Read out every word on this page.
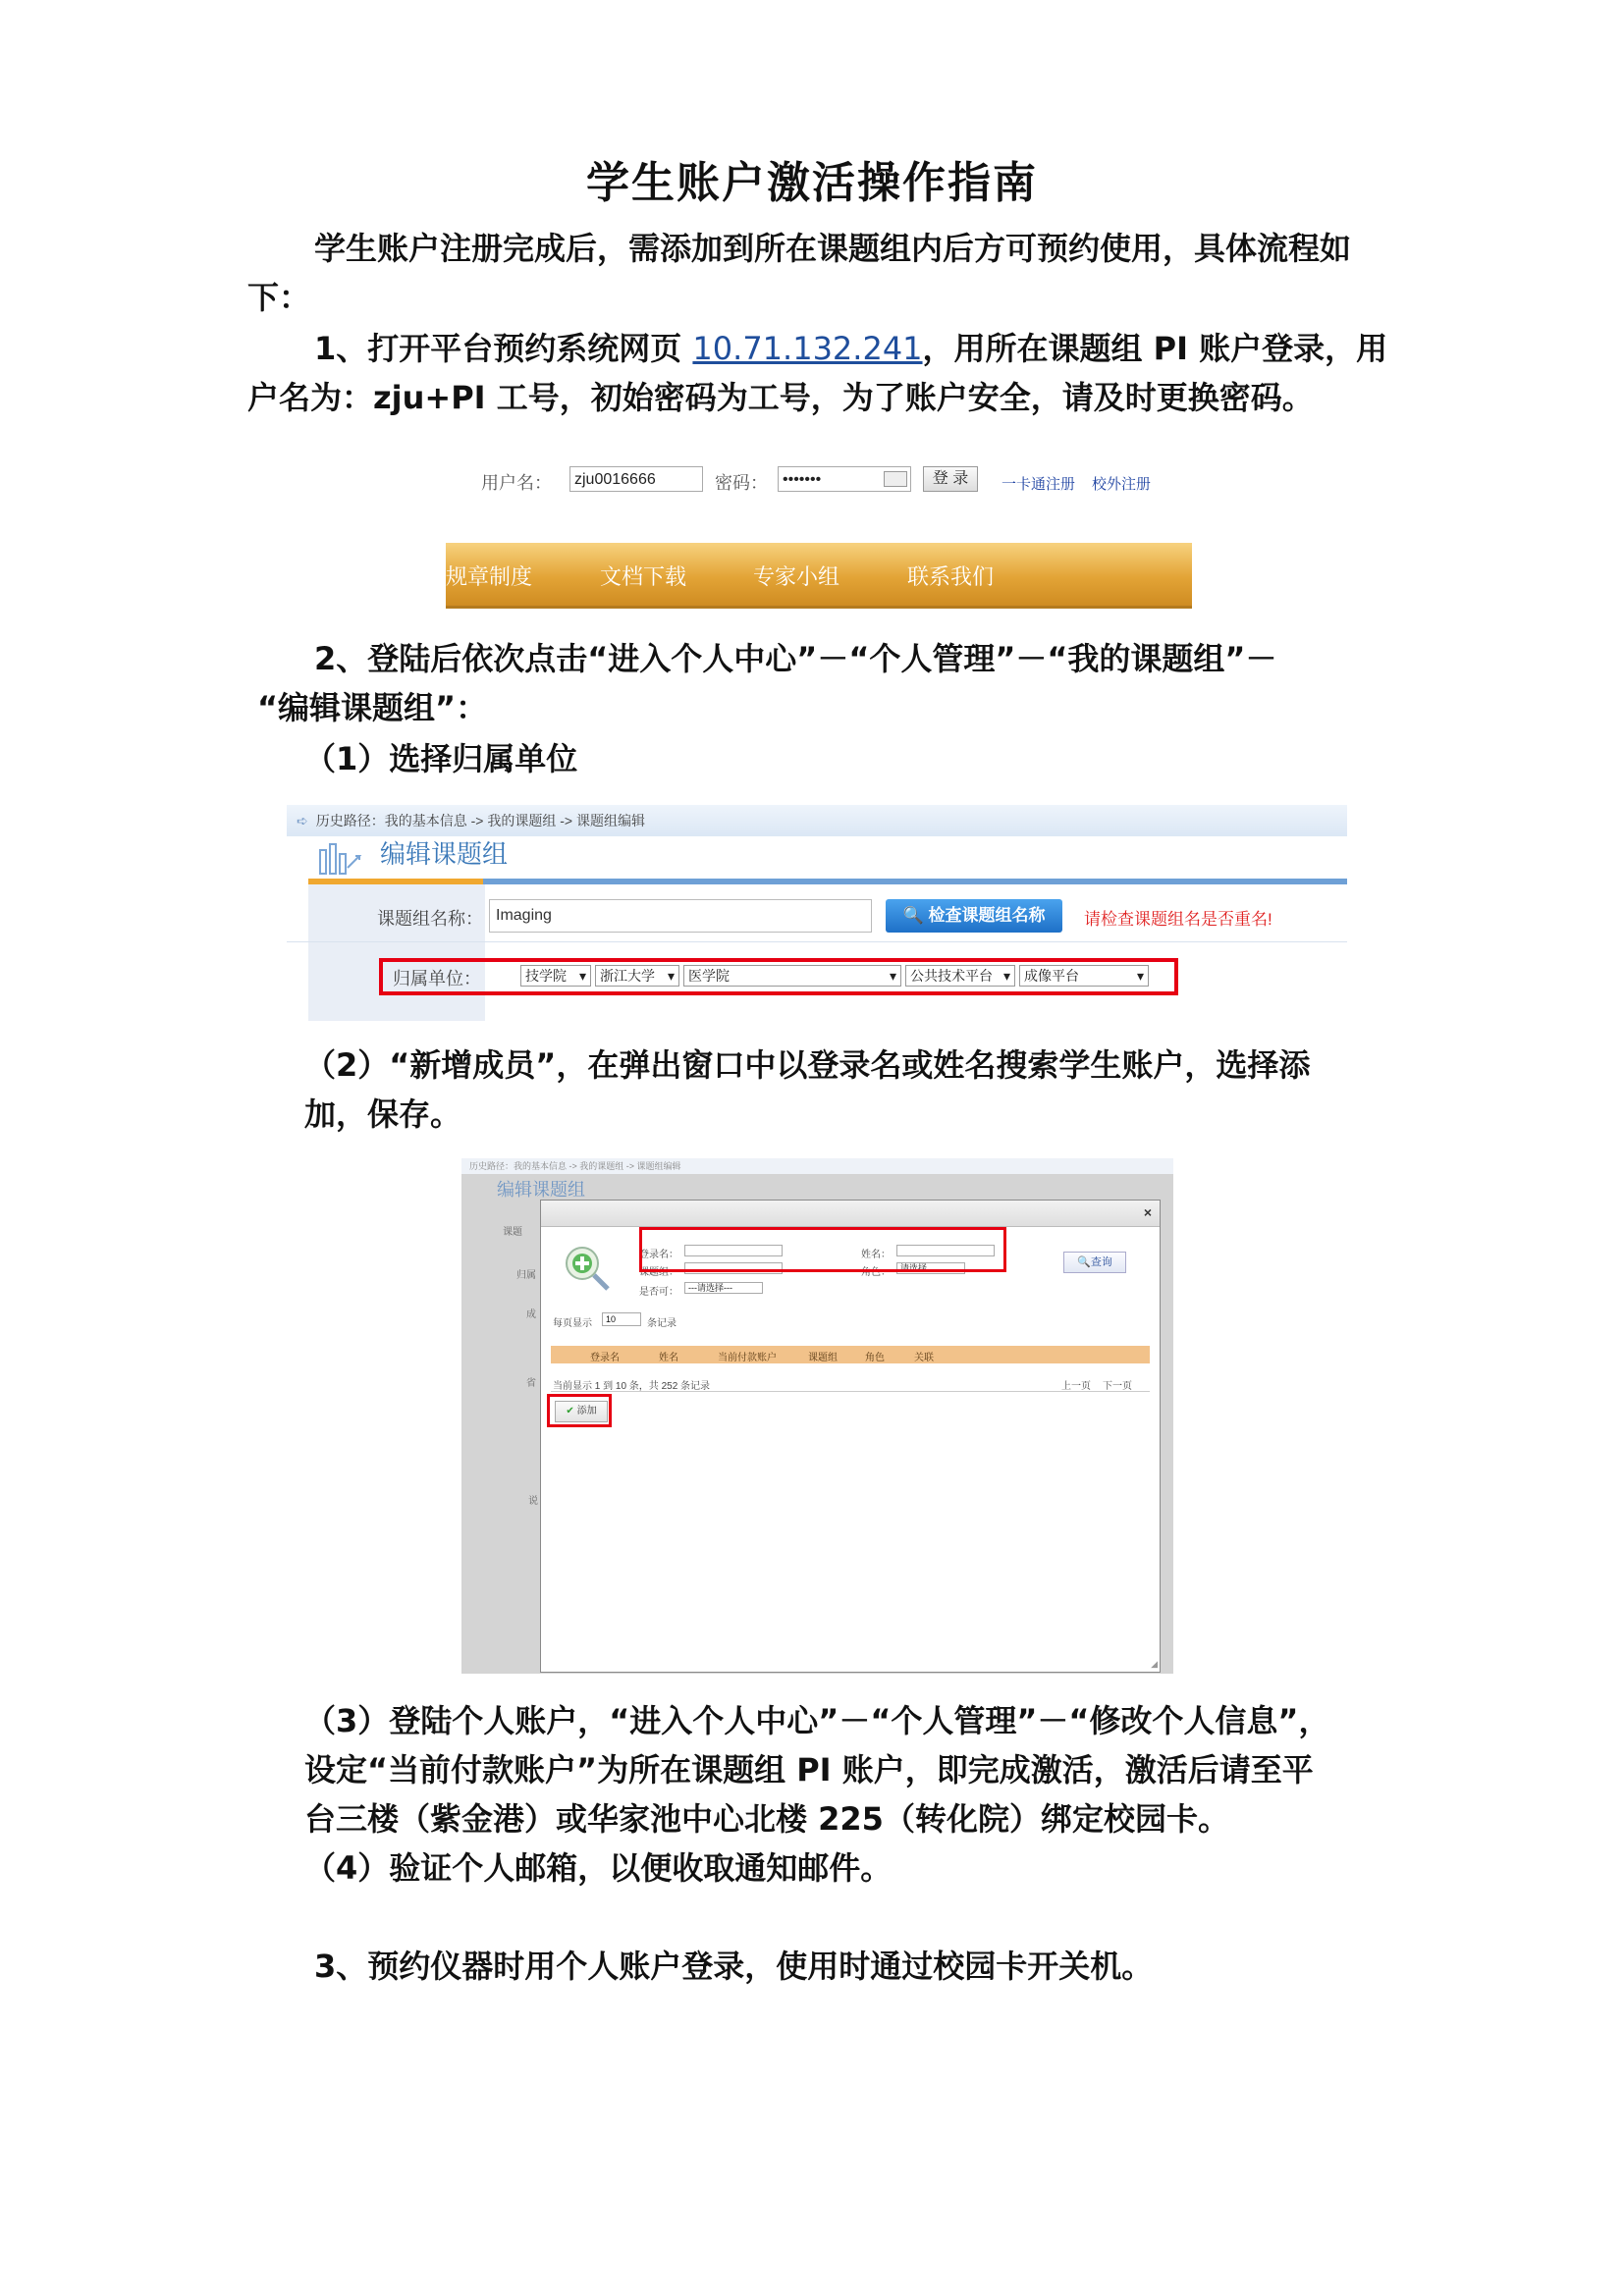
学生账户激活操作指南
学生账户注册完成后，需添加到所在课题组内后方可预约使用，具体流程如
下：
1、打开平台预约系统网页 10.71.132.241，用所在课题组 PI 账户登录，用
户名为：zju+PI 工号，初始密码为工号，为了账户安全，请及时更换密码。
用户名：	zju0016666	密码： •••••••	登 录	一卡通注册 校外注册
规章制度	文档下载	专家小组	联系我们
2、登陆后依次点击“进入个人中心”－“个人管理”－“我的课题组”－
“编辑课题组”：
（1）选择归属单位
➪ 历史路径：我的基本信息 -> 我的课题组 -> 课题组编辑
编辑课题组
课题组名称： Imaging	🔍 检查课题组名称	请检查课题组名是否重名!
归属单位：	技学院 ▾	浙江大学 ▾	医学院	▾	公共技术平台 ▾	成像平台	▾
（2）“新增成员”，在弹出窗口中以登录名或姓名搜索学生账户，选择添
加，保存。
历史路径：我的基本信息 -> 我的课题组 -> 课题组编辑
编辑课题组
课题
归属
成
省
说
×
登录名：	姓名：
课题组：	角色：	请选择
是否可：	---请选择---
🔍查询
每页显示	10	条记录
登录名	姓名	当前付款账户	课题组	角色	关联
当前显示 1 到 10 条，共 252 条记录	上一页 下一页
✔ 添加
◢
（3）登陆个人账户，“进入个人中心”－“个人管理”－“修改个人信息”，
设定“当前付款账户”为所在课题组 PI 账户，即完成激活，激活后请至平
台三楼（紫金港）或华家池中心北楼 225（转化院）绑定校园卡。
（4）验证个人邮箱，以便收取通知邮件。
3、预约仪器时用个人账户登录，使用时通过校园卡开关机。
